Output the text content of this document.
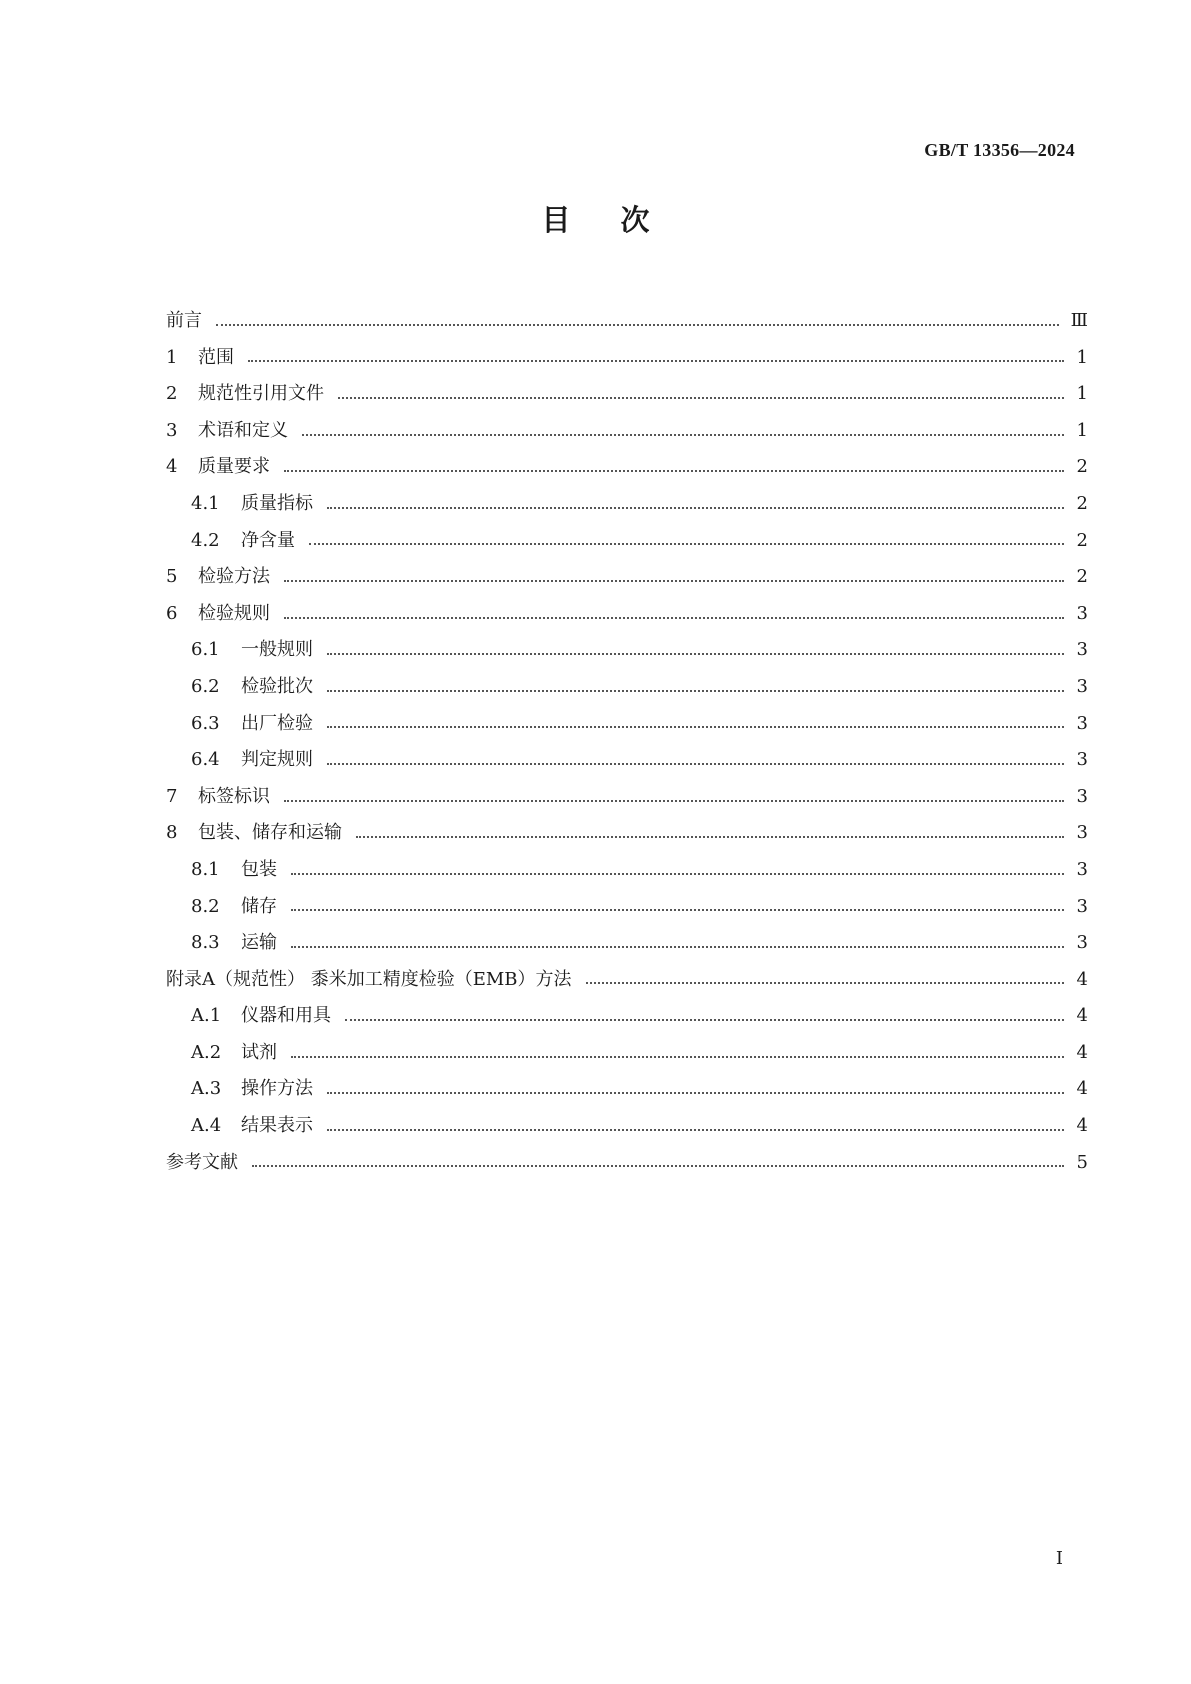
GB/T 13356—2024
目次
前言	Ⅲ
1	范围	1
2	规范性引用文件	1
3	术语和定义	1
4	质量要求	2
4.1	质量指标	2
4.2	净含量	2
5	检验方法	2
6	检验规则	3
6.1	一般规则	3
6.2	检验批次	3
6.3	出厂检验	3
6.4	判定规则	3
7	标签标识	3
8	包装、储存和运输	3
8.1	包装	3
8.2	储存	3
8.3	运输	3
附录A（规范性） 黍米加工精度检验（EMB）方法	4
A.1	仪器和用具	4
A.2	试剂	4
A.3	操作方法	4
A.4	结果表示	4
参考文献	5
Ⅰ
